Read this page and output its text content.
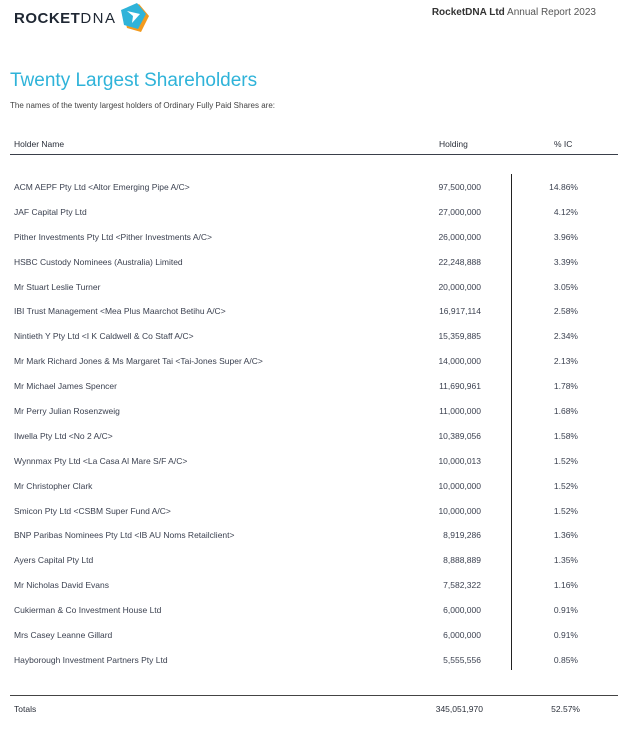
ROCKETDNA	RocketDNA Ltd Annual Report 2023
Twenty Largest Shareholders
The names of the twenty largest holders of Ordinary Fully Paid Shares are:
Holder Name	Holding	% IC
ACM AEPF Pty Ltd <Altor Emerging Pipe A/C>	97,500,000	14.86%
JAF Capital Pty Ltd	27,000,000	4.12%
Pither Investments Pty Ltd <Pither Investments A/C>	26,000,000	3.96%
HSBC Custody Nominees (Australia) Limited	22,248,888	3.39%
Mr Stuart Leslie Turner	20,000,000	3.05%
IBI Trust Management <Mea Plus Maarchot Betihu A/C>	16,917,114	2.58%
Nintieth Y Pty Ltd <I K Caldwell & Co Staff A/C>	15,359,885	2.34%
Mr Mark Richard Jones & Ms Margaret Tai <Tai-Jones Super A/C>	14,000,000	2.13%
Mr Michael James Spencer	11,690,961	1.78%
Mr Perry Julian Rosenzweig	11,000,000	1.68%
Ilwella Pty Ltd <No 2 A/C>	10,389,056	1.58%
Wynnmax Pty Ltd <La Casa Al Mare S/F A/C>	10,000,013	1.52%
Mr Christopher Clark	10,000,000	1.52%
Smicon Pty Ltd <CSBM Super Fund A/C>	10,000,000	1.52%
BNP Paribas Nominees Pty Ltd <IB AU Noms Retailclient>	8,919,286	1.36%
Ayers Capital Pty Ltd	8,888,889	1.35%
Mr Nicholas David Evans	7,582,322	1.16%
Cukierman & Co Investment House Ltd	6,000,000	0.91%
Mrs Casey Leanne Gillard	6,000,000	0.91%
Hayborough Investment Partners Pty Ltd	5,555,556	0.85%
Totals	345,051,970	52.57%
